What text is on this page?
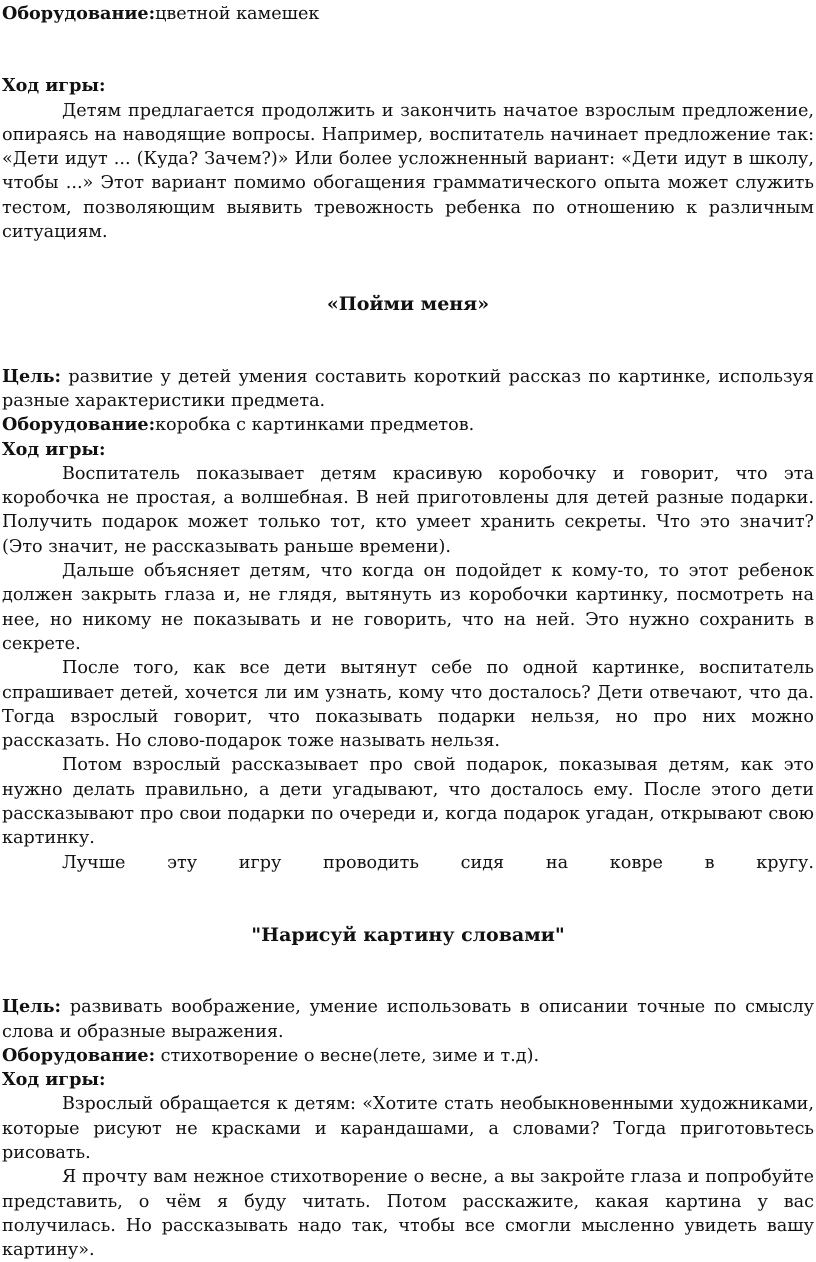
Оборудование:цветной камешек

Ход игры:

Детям предлагается продолжить и закончить начатое взрослым предложение, опираясь на наводящие вопросы. Например, воспитатель начинает предложение так: «Дети идут ... (Куда? Зачем?)» Или более усложненный вариант: «Дети идут в школу, чтобы ...» Этот вариант помимо обогащения грамматического опыта может служить тестом, позволяющим выявить тревожность ребенка по отношению к различным ситуациям.

«Пойми меня»

Цель: развитие у детей умения составить короткий рассказ по картинке, используя разные характеристики предмета.

Оборудование:коробка с картинками предметов.

Ход игры:

Воспитатель показывает детям красивую коробочку и говорит, что эта коробочка не простая, а волшебная. В ней приготовлены для детей разные подарки. Получить подарок может только тот, кто умеет хранить секреты. Что это значит? (Это значит, не рассказывать раньше времени).

Дальше объясняет детям, что когда он подойдет к кому-то, то этот ребенок должен закрыть глаза и, не глядя, вытянуть из коробочки картинку, посмотреть на нее, но никому не показывать и не говорить, что на ней. Это нужно сохранить в секрете.

После того, как все дети вытянут себе по одной картинке, воспитатель спрашивает детей, хочется ли им узнать, кому что досталось? Дети отвечают, что да. Тогда взрослый говорит, что показывать подарки нельзя, но про них можно рассказать. Но слово-подарок тоже называть нельзя.

Потом взрослый рассказывает про свой подарок, показывая детям, как это нужно делать правильно, а дети угадывают, что досталось ему. После этого дети рассказывают про свои подарки по очереди и, когда подарок угадан, открывают свою картинку.

Лучше эту игру проводить сидя на ковре в кругу.

"Нарисуй картину словами"

Цель: развивать воображение, умение использовать в описании точные по смыслу слова и образные выражения.

Оборудование: стихотворение о весне(лете, зиме и т.д).

Ход игры:

Взрослый обращается к детям: «Хотите стать необыкновенными художниками, которые рисуют не красками и карандашами, а словами? Тогда приготовьтесь рисовать.

Я прочту вам нежное стихотворение о весне, а вы закройте глаза и попробуйте представить, о чём я буду читать. Потом расскажите, какая картина у вас получилась. Но рассказывать надо так, чтобы все смогли мысленно увидеть вашу картину».
